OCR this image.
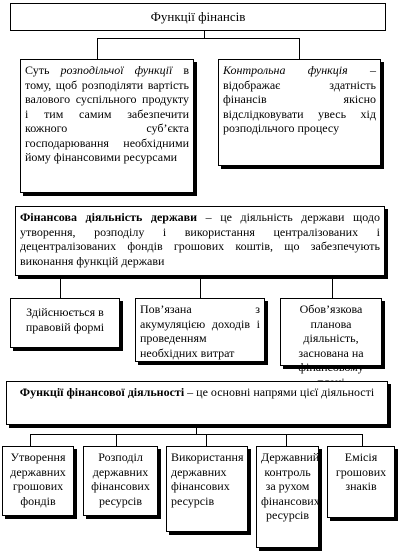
Функції фінансів
Суть розподільчої функції в тому, щоб розподіляти вартість валового суспільного продукту і тим самим забезпечити кожного суб’єкта господарювання необхідними йому фінансовими ресурсами
Контрольна функція – відображає здатність фінансів якісно відслідковувати увесь хід розподільчого процесу
Фінансова діяльність держави – це діяльність держави щодо утворення, розподілу і використання централізованих і децентралізованих фондів грошових коштів, що забезпечують виконання функцій держави
Здійснюється в правовій формі
Пов’язана з акумуляцією доходів і проведенням необхідних витрат
Обов’язкова планова діяльність, заснована на фінансовому
Функції фінансової діяльності – це основні напрями цієї діяльності
Утворення державних грошових фондів
Розподіл державних фінансових ресурсів
Використання державних фінансових ресурсів
Державний контроль за рухом фінансових ресурсів
Емісія грошових знаків
